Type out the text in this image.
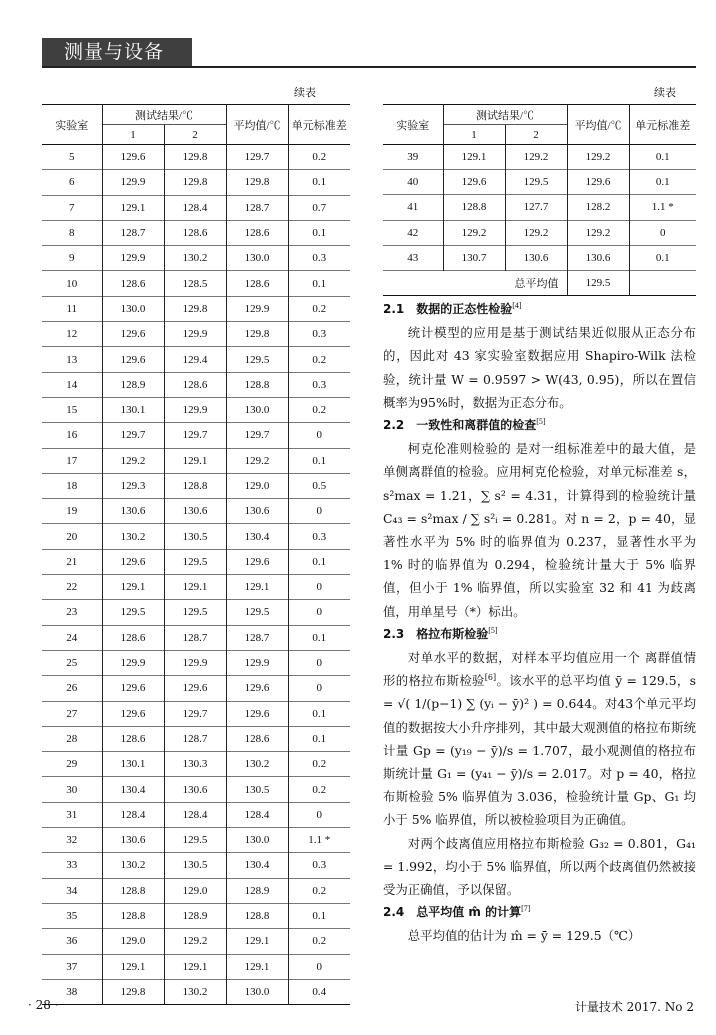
测量与设备
续表	续表
实验室	测试结果/℃		平均值/℃	单元标准差
	1	2		
5	129.6	129.8	129.7	0.2
6	129.9	129.8	129.8	0.1
7	129.1	128.4	128.7	0.7
8	128.7	128.6	128.6	0.1
9	129.9	130.2	130.0	0.3
10	128.6	128.5	128.6	0.1
11	130.0	129.8	129.9	0.2
12	129.6	129.9	129.8	0.3
13	129.6	129.4	129.5	0.2
14	128.9	128.6	128.8	0.3
15	130.1	129.9	130.0	0.2
16	129.7	129.7	129.7	0
17	129.2	129.1	129.2	0.1
18	129.3	128.8	129.0	0.5
19	130.6	130.6	130.6	0
20	130.2	130.5	130.4	0.3
21	129.6	129.5	129.6	0.1
22	129.1	129.1	129.1	0
23	129.5	129.5	129.5	0
24	128.6	128.7	128.7	0.1
25	129.9	129.9	129.9	0
26	129.6	129.6	129.6	0
27	129.6	129.7	129.6	0.1
28	128.6	128.7	128.6	0.1
29	130.1	130.3	130.2	0.2
30	130.4	130.6	130.5	0.2
31	128.4	128.4	128.4	0
32	130.6	129.5	130.0	1.1 *
33	130.2	130.5	130.4	0.3
34	128.8	129.0	128.9	0.2
35	128.8	128.9	128.8	0.1
36	129.0	129.2	129.1	0.2
37	129.1	129.1	129.1	0
38	129.8	130.2	130.0	0.4
实验室	测试结果/℃		平均值/℃	单元标准差
	1	2		
39	129.1	129.2	129.2	0.1
40	129.6	129.5	129.6	0.1
41	128.8	127.7	128.2	1.1 *
42	129.2	129.2	129.2	0
43	130.7	130.6	130.6	0.1
总平均值			129.5	
2.1　数据的正态性检验[4]

统计模型的应用是基于测试结果近似服从正态分布的，因此对 43 家实验室数据应用 Shapiro-Wilk 法检验，统计量 W = 0.9597 > W(43, 0.95)，所以在置信概率为95%时，数据为正态分布。

2.2　一致性和离群值的检查[5]

柯克伦准则检验的 是对一组标准差中的最大值，是单侧离群值的检验。应用柯克伦检验，对单元标准差 s，s²max = 1.21，∑ s² = 4.31，计算得到的检验统计量 C₄₃ = s²max / ∑ s²ᵢ = 0.281。对 n = 2，p = 40，显著性水平为 5% 时的临界值为 0.237，显著性水平为 1% 时的临界值为 0.294，检验统计量大于 5% 临界值，但小于 1% 临界值，所以实验室 32 和 41 为歧离值，用单星号（*）标出。

2.3　格拉布斯检验[5]

对单水平的数据，对样本平均值应用一个 离群值情形的格拉布斯检验[6]。该水平的总平均值 ȳ = 129.5，s = √( 1/(p−1) ∑ (yᵢ − ȳ)² ) = 0.644。对43个单元平均值的数据按大小升序排列，其中最大观测值的格拉布斯统计量 Gp = (y₁₉ − ȳ)/s = 1.707，最小观测值的格拉布斯统计量 G₁ = (y₄₁ − ȳ)/s = 2.017。对 p = 40，格拉布斯检验 5% 临界值为 3.036，检验统计量 Gp、G₁ 均小于 5% 临界值，所以被检验项目为正确值。

对两个歧离值应用格拉布斯检验 G₃₂ = 0.801，G₄₁ = 1.992，均小于 5% 临界值，所以两个歧离值仍然被接受为正确值，予以保留。

2.4　总平均值 m̂ 的计算[7]

总平均值的估计为 m̂ = ȳ̄ = 129.5（℃）

· 28 ·	计量技术 2017. No 2
